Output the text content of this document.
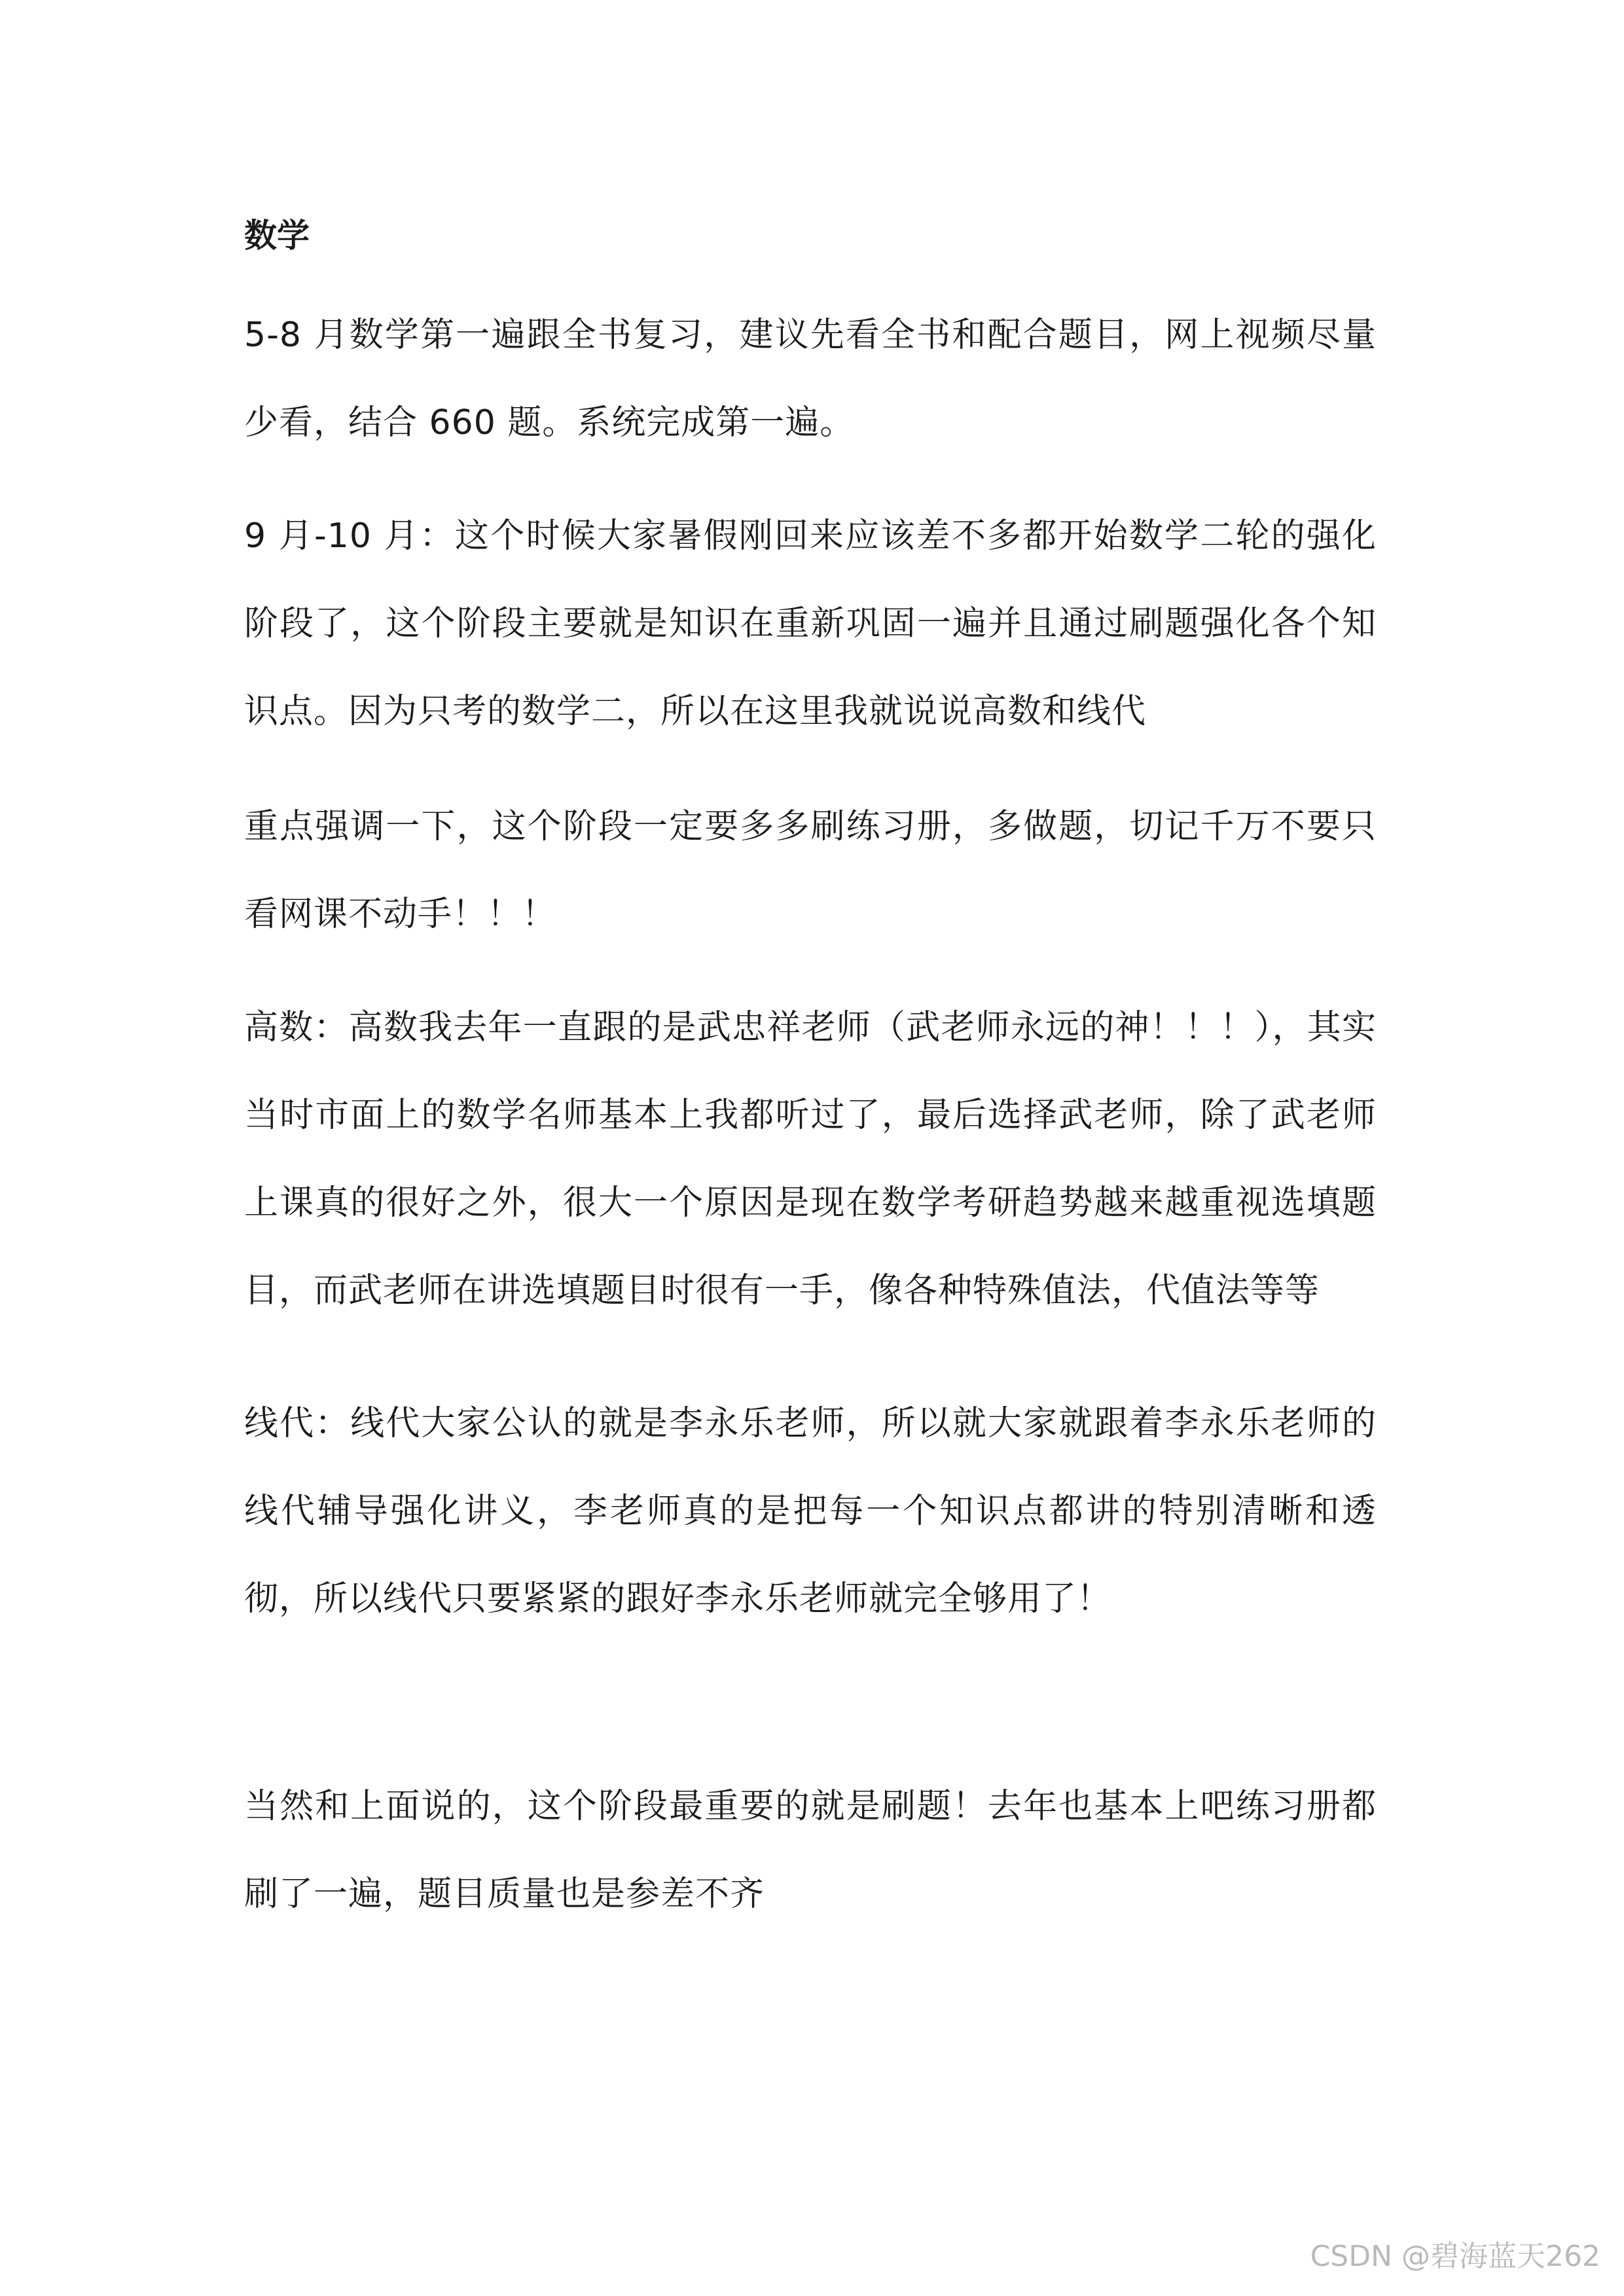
数学

5-8 月数学第一遍跟全书复习，建议先看全书和配合题目，网上视频尽量少看，结合 660 题。系统完成第一遍。

9 月-10 月：这个时候大家暑假刚回来应该差不多都开始数学二轮的强化阶段了，这个阶段主要就是知识在重新巩固一遍并且通过刷题强化各个知识点。因为只考的数学二，所以在这里我就说说高数和线代

重点强调一下，这个阶段一定要多多刷练习册，多做题，切记千万不要只看网课不动手！！！

高数：高数我去年一直跟的是武忠祥老师（武老师永远的神！！！），其实当时市面上的数学名师基本上我都听过了，最后选择武老师，除了武老师上课真的很好之外，很大一个原因是现在数学考研趋势越来越重视选填题目，而武老师在讲选填题目时很有一手，像各种特殊值法，代值法等等

线代：线代大家公认的就是李永乐老师，所以就大家就跟着李永乐老师的线代辅导强化讲义，李老师真的是把每一个知识点都讲的特别清晰和透彻，所以线代只要紧紧的跟好李永乐老师就完全够用了！

当然和上面说的，这个阶段最重要的就是刷题！去年也基本上吧练习册都刷了一遍，题目质量也是参差不齐

CSDN @碧海蓝天262
